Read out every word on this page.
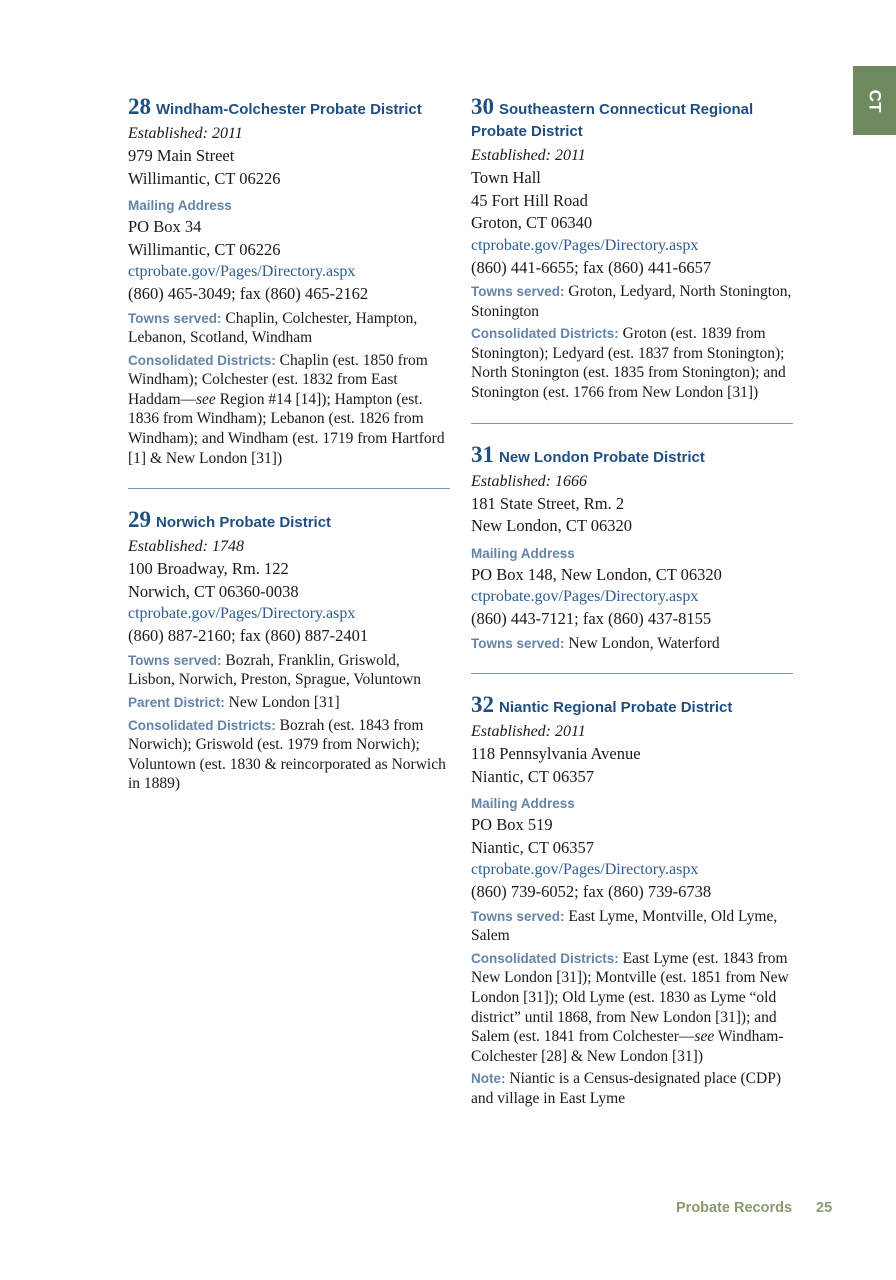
CT
28 Windham-Colchester Probate District
Established: 2011
979 Main Street
Willimantic, CT 06226
Mailing Address
PO Box 34
Willimantic, CT 06226
ctprobate.gov/Pages/Directory.aspx
(860) 465-3049; fax (860) 465-2162
Towns served: Chaplin, Colchester, Hampton, Lebanon, Scotland, Windham
Consolidated Districts: Chaplin (est. 1850 from Windham); Colchester (est. 1832 from East Haddam—see Region #14 [14]); Hampton (est. 1836 from Windham); Lebanon (est. 1826 from Windham); and Windham (est. 1719 from Hartford [1] & New London [31])
29 Norwich Probate District
Established: 1748
100 Broadway, Rm. 122
Norwich, CT 06360-0038
ctprobate.gov/Pages/Directory.aspx
(860) 887-2160; fax (860) 887-2401
Towns served: Bozrah, Franklin, Griswold, Lisbon, Norwich, Preston, Sprague, Voluntown
Parent District: New London [31]
Consolidated Districts: Bozrah (est. 1843 from Norwich); Griswold (est. 1979 from Norwich); Voluntown (est. 1830 & reincorporated as Norwich in 1889)
30 Southeastern Connecticut Regional Probate District
Established: 2011
Town Hall
45 Fort Hill Road
Groton, CT 06340
ctprobate.gov/Pages/Directory.aspx
(860) 441-6655; fax (860) 441-6657
Towns served: Groton, Ledyard, North Stonington, Stonington
Consolidated Districts: Groton (est. 1839 from Stonington); Ledyard (est. 1837 from Stonington); North Stonington (est. 1835 from Stonington); and Stonington (est. 1766 from New London [31])
31 New London Probate District
Established: 1666
181 State Street, Rm. 2
New London, CT 06320
Mailing Address
PO Box 148, New London, CT 06320
ctprobate.gov/Pages/Directory.aspx
(860) 443-7121; fax (860) 437-8155
Towns served: New London, Waterford
32 Niantic Regional Probate District
Established: 2011
118 Pennsylvania Avenue
Niantic, CT 06357
Mailing Address
PO Box 519
Niantic, CT 06357
ctprobate.gov/Pages/Directory.aspx
(860) 739-6052; fax (860) 739-6738
Towns served: East Lyme, Montville, Old Lyme, Salem
Consolidated Districts: East Lyme (est. 1843 from New London [31]); Montville (est. 1851 from New London [31]); Old Lyme (est. 1830 as Lyme “old district” until 1868, from New London [31]); and Salem (est. 1841 from Colchester—see Windham-Colchester [28] & New London [31])
Note: Niantic is a Census-designated place (CDP) and village in East Lyme
Probate Records 25
